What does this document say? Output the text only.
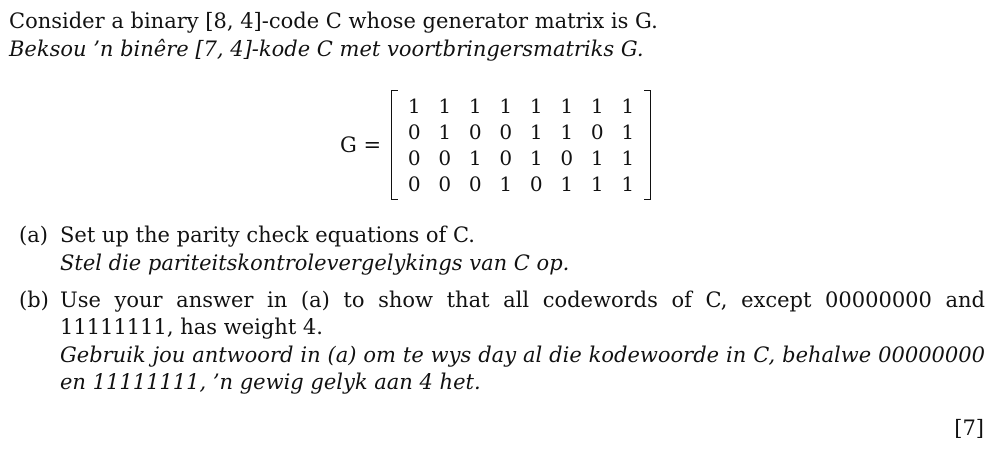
Consider a binary [8, 4]-code C whose generator matrix is G.
Beksou ’n binêre [7, 4]-kode C met voortbringersmatriks G.
G =
1 1 1 1 1 1 1 1
0 1 0 0 1 1 0 1
0 0 1 0 1 0 1 1
0 0 0 1 0 1 1 1
(a) Set up the parity check equations of C.
Stel die pariteitskontrolevergelykings van C op.
(b) Use your answer in (a) to show that all codewords of C, except 00000000 and 11111111, has weight 4.
Gebruik jou antwoord in (a) om te wys day al die kodewoorde in C, behalwe 00000000 en 11111111, ’n gewig gelyk aan 4 het.
[7]
